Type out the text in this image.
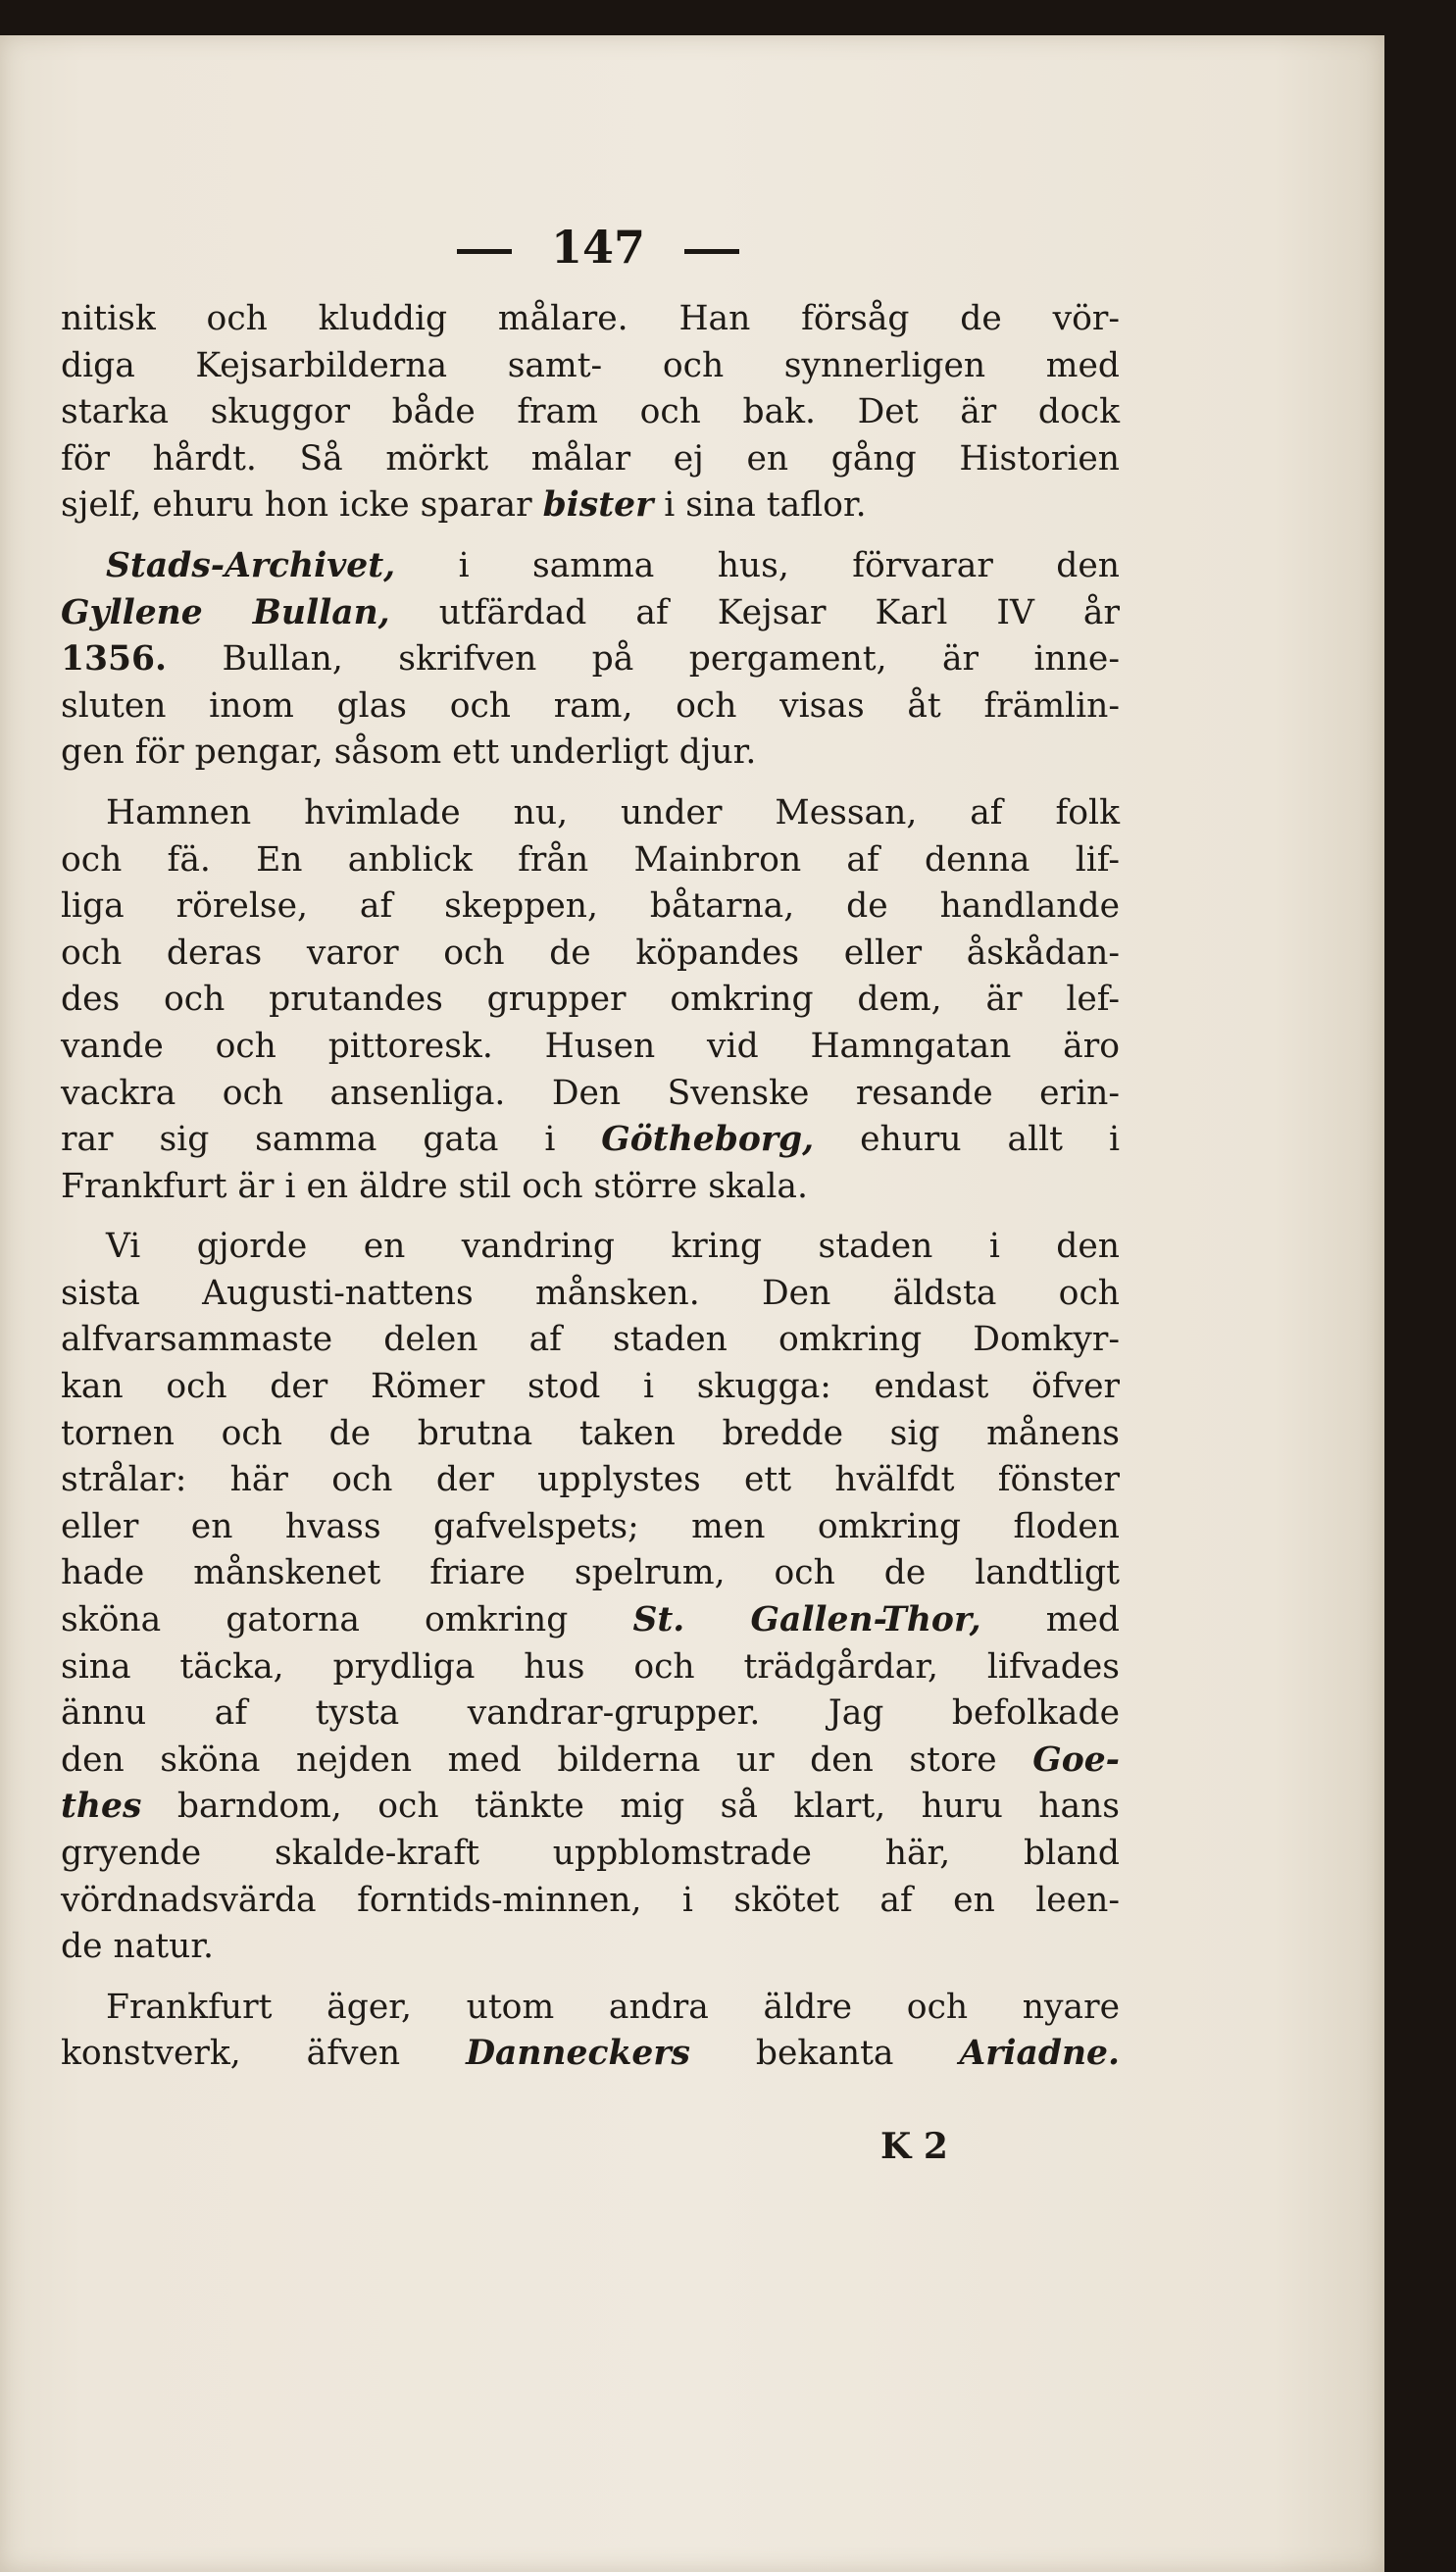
147
nitisk och kluddig målare. Han försåg de vör-
diga Kejsarbilderna samt- och synnerligen med
starka skuggor både fram och bak. Det är dock
för hårdt. Så mörkt målar ej en gång Historien
sjelf, ehuru hon icke sparar bister i sina taflor.
Stads-Archivet, i samma hus, förvarar den
Gyllene Bullan, utfärdad af Kejsar Karl IV år
1356. Bullan, skrifven på pergament, är inne-
sluten inom glas och ram, och visas åt främlin-
gen för pengar, såsom ett underligt djur.
Hamnen hvimlade nu, under Messan, af folk
och fä. En anblick från Mainbron af denna lif-
liga rörelse, af skeppen, båtarna, de handlande
och deras varor och de köpandes eller åskådan-
des och prutandes grupper omkring dem, är lef-
vande och pittoresk. Husen vid Hamngatan äro
vackra och ansenliga. Den Svenske resande erin-
rar sig samma gata i Götheborg, ehuru allt i
Frankfurt är i en äldre stil och större skala.
Vi gjorde en vandring kring staden i den
sista Augusti-nattens månsken. Den äldsta och
alfvarsammaste delen af staden omkring Domkyr-
kan och der Römer stod i skugga: endast öfver
tornen och de brutna taken bredde sig månens
strålar: här och der upplystes ett hvälfdt fönster
eller en hvass gafvelspets; men omkring floden
hade månskenet friare spelrum, och de landtligt
sköna gatorna omkring St. Gallen-Thor, med
sina täcka, prydliga hus och trädgårdar, lifvades
ännu af tysta vandrar-grupper. Jag befolkade
den sköna nejden med bilderna ur den store Goe-
thes barndom, och tänkte mig så klart, huru hans
gryende skalde-kraft uppblomstrade här, bland
vördnadsvärda forntids-minnen, i skötet af en leen-
de natur.
Frankfurt äger, utom andra äldre och nyare
konstverk, äfven Danneckers bekanta Ariadne.
K 2
